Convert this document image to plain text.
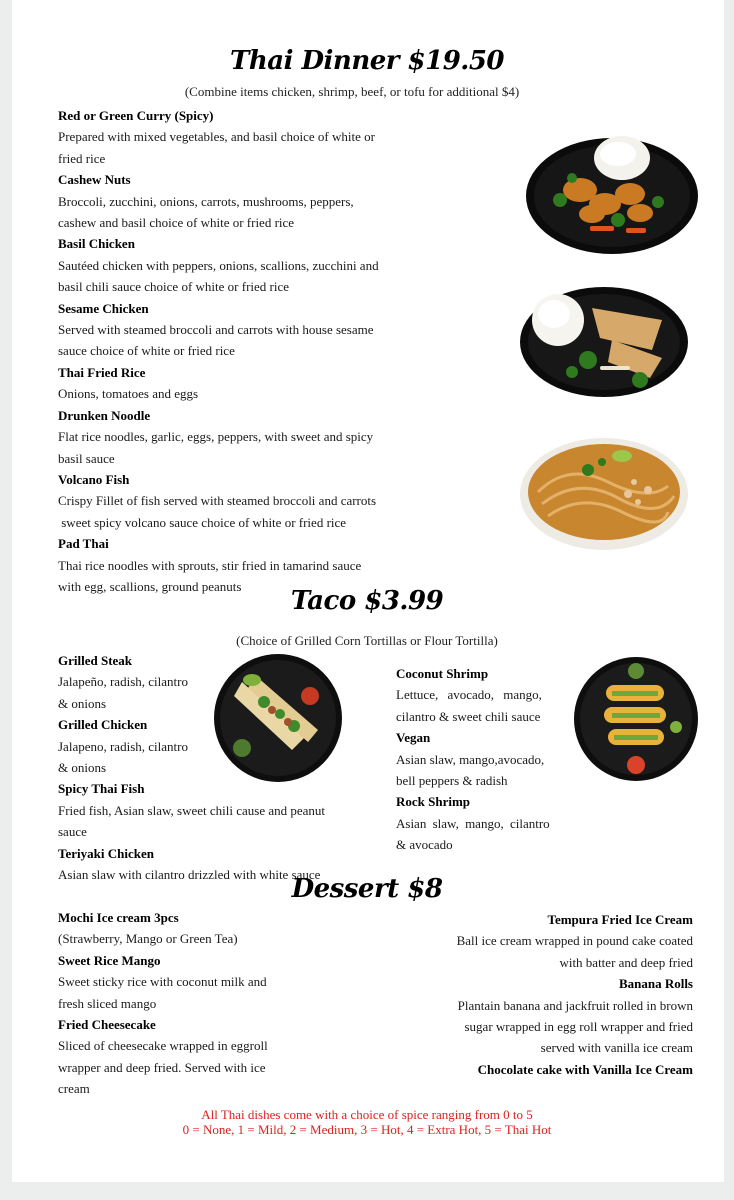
Thai Dinner $19.50
(Combine items chicken, shrimp, beef, or tofu for additional $4)
Red or Green Curry (Spicy)
Prepared with mixed vegetables, and basil choice of white or
fried rice
Cashew Nuts
Broccoli, zucchini, onions, carrots, mushrooms, peppers,
cashew and basil choice of white or fried rice
Basil Chicken
Sautéed chicken with peppers, onions, scallions, zucchini and
basil chili sauce choice of white or fried rice
Sesame Chicken
Served with steamed broccoli and carrots with house sesame
sauce choice of white or fried rice
Thai Fried Rice
Onions, tomatoes and eggs
Drunken Noodle
Flat rice noodles, garlic, eggs, peppers, with sweet and spicy
basil sauce
Volcano Fish
Crispy Fillet of fish served with steamed broccoli and carrots
sweet spicy volcano sauce choice of white or fried rice
Pad Thai
Thai rice noodles with sprouts, stir fried in tamarind sauce
with egg, scallions, ground peanuts	Taco $3.99
(Choice of Grilled Corn Tortillas or Flour Tortilla)
Grilled Steak
Jalapeño, radish, cilantro
& onions
Grilled Chicken
Jalapeno, radish, cilantro
& onions
Spicy Thai Fish
Fried fish, Asian slaw, sweet chili cause and peanut
sauce
Teriyaki Chicken
Asian slaw with cilantro drizzled with white sauce
Coconut Shrimp
Lettuce, avocado, mango,
cilantro & sweet chili sauce
Vegan
Asian slaw, mango,avocado,
bell peppers & radish
Rock Shrimp
Asian slaw, mango, cilantro
& avocado
Dessert $8
Mochi Ice cream 3pcs
(Strawberry, Mango or Green Tea)
Sweet Rice Mango
Sweet sticky rice with coconut milk and
fresh sliced mango
Fried Cheesecake
Sliced of cheesecake wrapped in eggroll
wrapper and deep fried. Served with ice
cream
Tempura Fried Ice Cream
Ball ice cream wrapped in pound cake coated
with batter and deep fried
Banana Rolls
Plantain banana and jackfruit rolled in brown
sugar wrapped in egg roll wrapper and fried
served with vanilla ice cream
Chocolate cake with Vanilla Ice Cream
All Thai dishes come with a choice of spice ranging from 0 to 5
0 = None, 1 = Mild, 2 = Medium, 3 = Hot, 4 = Extra Hot, 5 = Thai Hot
